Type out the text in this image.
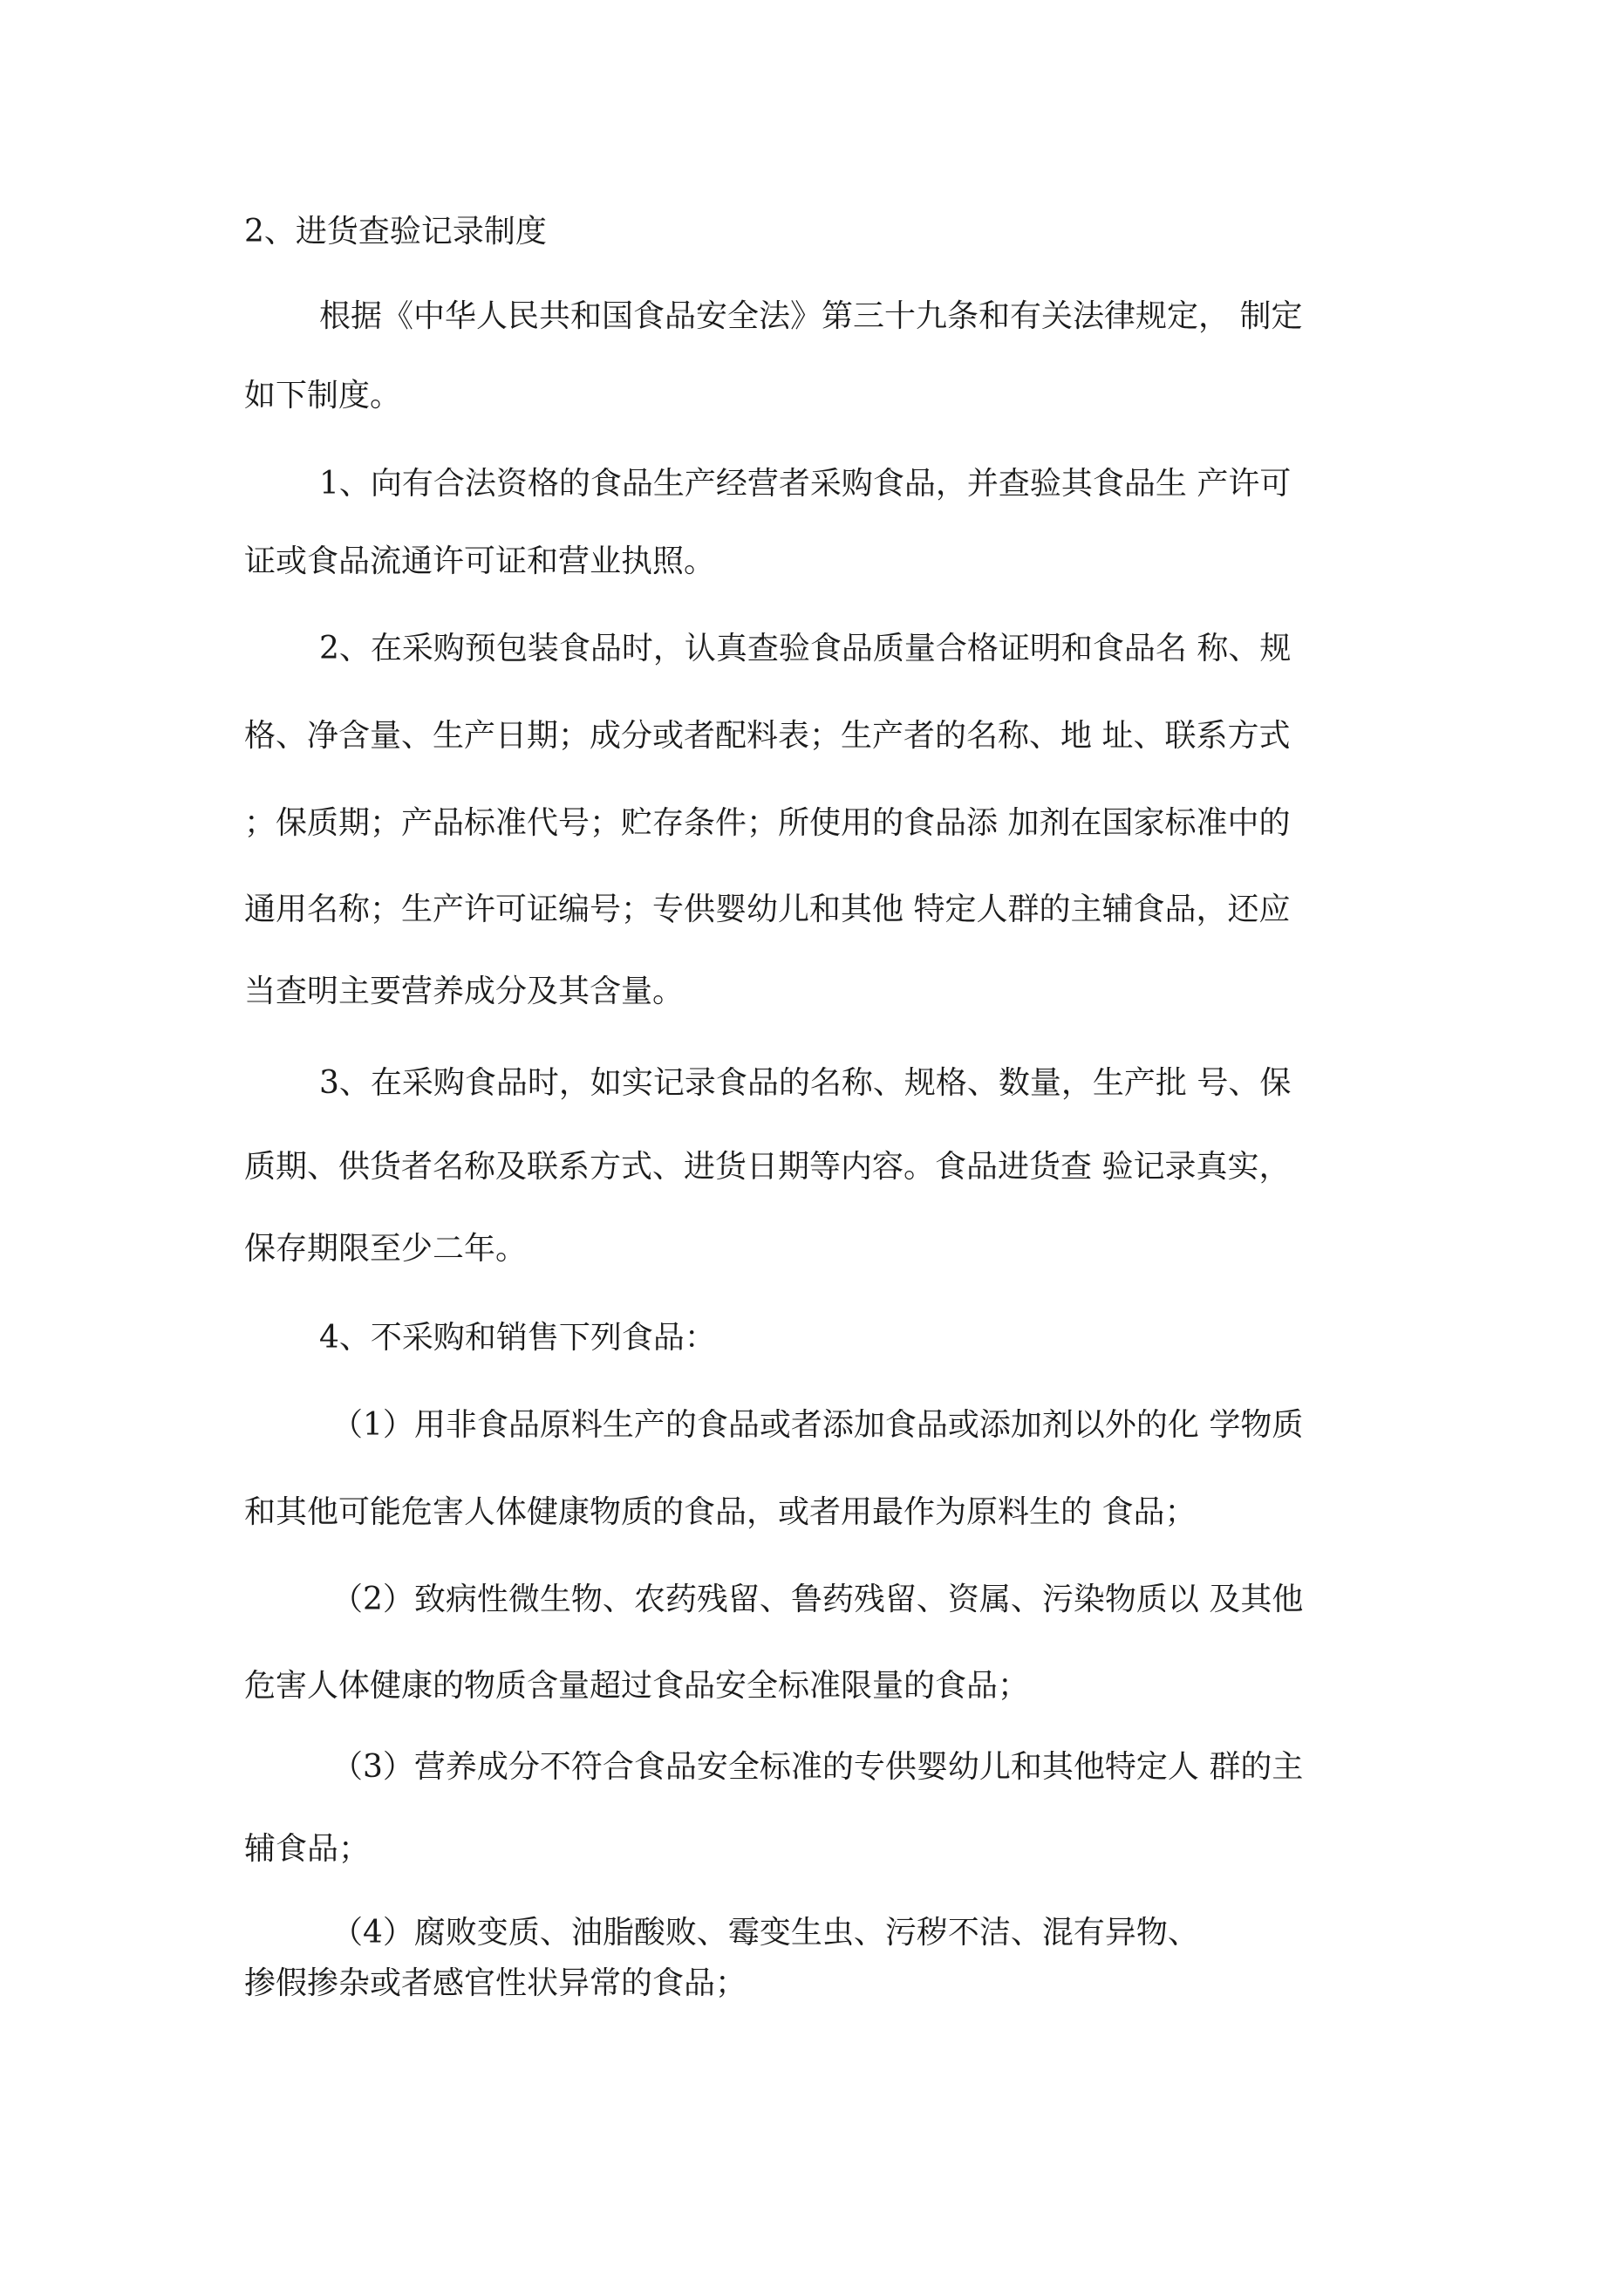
2、进货查验记录制度
根据《中华人民共和国食品安全法》第三十九条和有关法律规定， 制定
如下制度。
1、向有合法资格的食品生产经营者采购食品，并查验其食品生 产许可
证或食品流通许可证和营业执照。
2、在采购预包装食品时，认真查验食品质量合格证明和食品名 称、规
格、净含量、生产日期；成分或者配料表；生产者的名称、地 址、联系方式
；保质期；产品标准代号；贮存条件；所使用的食品添 加剂在国家标准中的
通用名称；生产许可证编号；专供婴幼儿和其他 特定人群的主辅食品，还应
当查明主要营养成分及其含量。
3、在采购食品时，如实记录食品的名称、规格、数量，生产批 号、保
质期、供货者名称及联系方式、进货日期等内容。食品进货查 验记录真实，
保存期限至少二年。
4、不采购和销售下列食品：
（1）用非食品原料生产的食品或者添加食品或添加剂以外的化 学物质
和其他可能危害人体健康物质的食品，或者用最作为原料生的 食品；
（2）致病性微生物、农药残留、鲁药残留、资属、污染物质以 及其他
危害人体健康的物质含量超过食品安全标准限量的食品；
（3）营养成分不符合食品安全标准的专供婴幼儿和其他特定人 群的主
辅食品；
（4）腐败变质、油脂酸败、霉变生虫、污秽不洁、混有异物、
掺假掺杂或者感官性状异常的食品；
